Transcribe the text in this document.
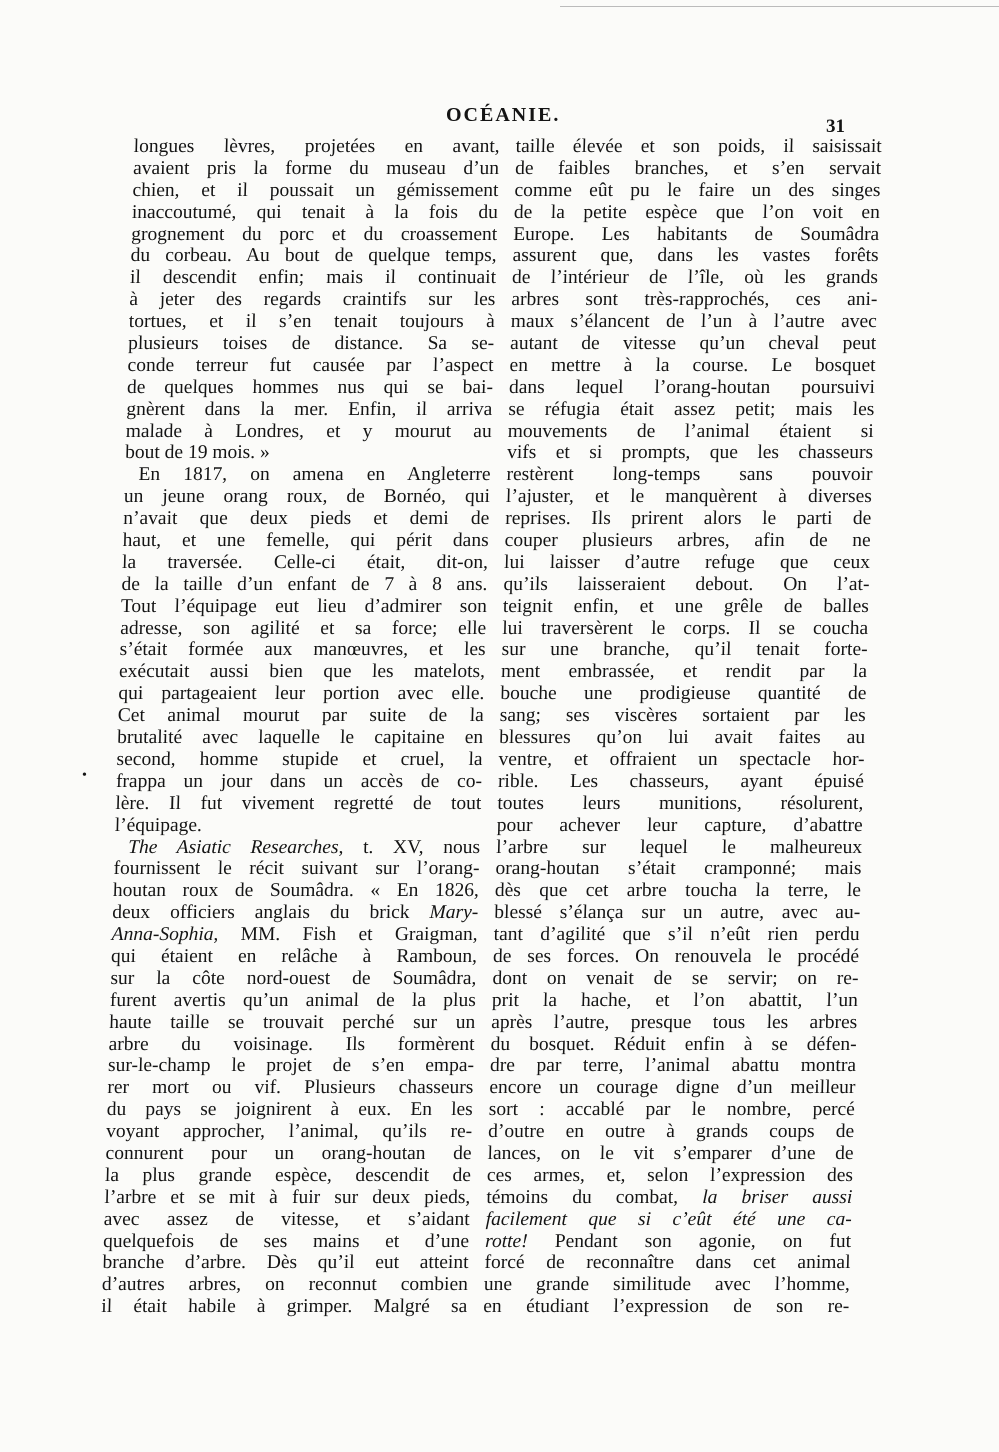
OCÉANIE.
31
longues lèvres, projetées en avant,
avaient pris la forme du museau d’un
chien, et il poussait un gémissement
inaccoutumé, qui tenait à la fois du
grognement du porc et du croassement
du corbeau. Au bout de quelque temps,
il descendit enfin; mais il continuait
à jeter des regards craintifs sur les
tortues, et il s’en tenait toujours à
plusieurs toises de distance. Sa se-
conde terreur fut causée par l’aspect
de quelques hommes nus qui se bai-
gnèrent dans la mer. Enfin, il arriva
malade à Londres, et y mourut au
bout de 19 mois. »
En 1817, on amena en Angleterre
un jeune orang roux, de Bornéo, qui
n’avait que deux pieds et demi de
haut, et une femelle, qui périt dans
la traversée. Celle-ci était, dit-on,
de la taille d’un enfant de 7 à 8 ans.
Tout l’équipage eut lieu d’admirer son
adresse, son agilité et sa force; elle
s’était formée aux manœuvres, et les
exécutait aussi bien que les matelots,
qui partageaient leur portion avec elle.
Cet animal mourut par suite de la
brutalité avec laquelle le capitaine en
second, homme stupide et cruel, la
frappa un jour dans un accès de co-
lère. Il fut vivement regretté de tout
l’équipage.
The Asiatic Researches, t. XV, nous
fournissent le récit suivant sur l’orang-
houtan roux de Soumâdra. « En 1826,
deux officiers anglais du brick Mary-
Anna-Sophia, MM. Fish et Graigman,
qui étaient en relâche à Ramboun,
sur la côte nord-ouest de Soumâdra,
furent avertis qu’un animal de la plus
haute taille se trouvait perché sur un
arbre du voisinage. Ils formèrent
sur-le-champ le projet de s’en empa-
rer mort ou vif. Plusieurs chasseurs
du pays se joignirent à eux. En les
voyant approcher, l’animal, qu’ils re-
connurent pour un orang-houtan de
la plus grande espèce, descendit de
l’arbre et se mit à fuir sur deux pieds,
avec assez de vitesse, et s’aidant
quelquefois de ses mains et d’une
branche d’arbre. Dès qu’il eut atteint
d’autres arbres, on reconnut combien
il était habile à grimper. Malgré sa
taille élevée et son poids, il saisissait
de faibles branches, et s’en servait
comme eût pu le faire un des singes
de la petite espèce que l’on voit en
Europe. Les habitants de Soumâdra
assurent que, dans les vastes forêts
de l’intérieur de l’île, où les grands
arbres sont très-rapprochés, ces ani-
maux s’élancent de l’un à l’autre avec
autant de vitesse qu’un cheval peut
en mettre à la course. Le bosquet
dans lequel l’orang-houtan poursuivi
se réfugia était assez petit; mais les
mouvements de l’animal étaient si
vifs et si prompts, que les chasseurs
restèrent long-temps sans pouvoir
l’ajuster, et le manquèrent à diverses
reprises. Ils prirent alors le parti de
couper plusieurs arbres, afin de ne
lui laisser d’autre refuge que ceux
qu’ils laisseraient debout. On l’at-
teignit enfin, et une grêle de balles
lui traversèrent le corps. Il se coucha
sur une branche, qu’il tenait forte-
ment embrassée, et rendit par la
bouche une prodigieuse quantité de
sang; ses viscères sortaient par les
blessures qu’on lui avait faites au
ventre, et offraient un spectacle hor-
rible. Les chasseurs, ayant épuisé
toutes leurs munitions, résolurent,
pour achever leur capture, d’abattre
l’arbre sur lequel le malheureux
orang-houtan s’était cramponné; mais
dès que cet arbre toucha la terre, le
blessé s’élança sur un autre, avec au-
tant d’agilité que s’il n’eût rien perdu
de ses forces. On renouvela le procédé
dont on venait de se servir; on re-
prit la hache, et l’on abattit, l’un
après l’autre, presque tous les arbres
du bosquet. Réduit enfin à se défen-
dre par terre, l’animal abattu montra
encore un courage digne d’un meilleur
sort : accablé par le nombre, percé
d’outre en outre à grands coups de
lances, on le vit s’emparer d’une de
ces armes, et, selon l’expression des
témoins du combat, la briser aussi
facilement que si c’eût été une ca-
rotte! Pendant son agonie, on fut
forcé de reconnaître dans cet animal
une grande similitude avec l’homme,
en étudiant l’expression de son re-
•
